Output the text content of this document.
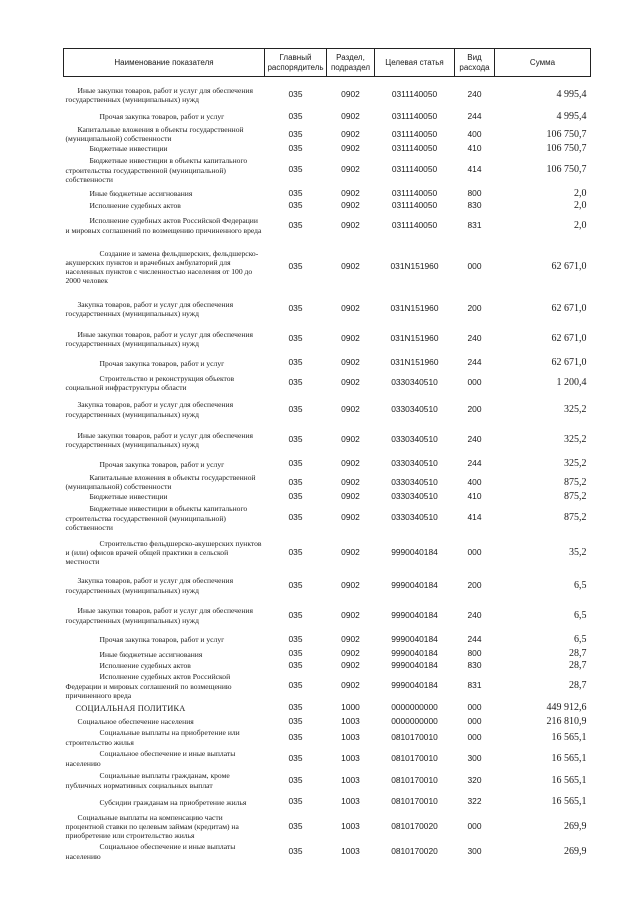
Наименование показателя	Главный распорядитель	Раздел, подраздел	Целевая статья	Вид расхода	Сумма

Иные закупки товаров, работ и услуг для обеспечения государственных (муниципальных) нужд	035	0902	0311140050	240	4 995,4

Прочая закупка товаров, работ и услуг	035	0902	0311140050	244	4 995,4

Капитальные вложения в объекты государственной (муниципальной) собственности	035	0902	0311140050	400	106 750,7

Бюджетные инвестиции	035	0902	0311140050	410	106 750,7

Бюджетные инвестиции в объекты капитального строительства государственной (муниципальной) собственности	035	0902	0311140050	414	106 750,7

Иные бюджетные ассигнования	035	0902	0311140050	800	2,0

Исполнение судебных актов	035	0902	0311140050	830	2,0

Исполнение судебных актов Российской Федерации и мировых соглашений по возмещению причиненного вреда	035	0902	0311140050	831	2,0

Создание и замена фельдшерских, фельдшерско-акушерских пунктов и врачебных амбулаторий для населенных пунктов с численностью населения от 100 до 2000 человек	035	0902	031N151960	000	62 671,0

Закупка товаров, работ и услуг для обеспечения государственных (муниципальных) нужд	035	0902	031N151960	200	62 671,0

Иные закупки товаров, работ и услуг для обеспечения государственных (муниципальных) нужд	035	0902	031N151960	240	62 671,0

Прочая закупка товаров, работ и услуг	035	0902	031N151960	244	62 671,0

Строительство и реконструкция объектов социальной инфраструктуры области	035	0902	0330340510	000	1 200,4

Закупка товаров, работ и услуг для обеспечения государственных (муниципальных) нужд	035	0902	0330340510	200	325,2

Иные закупки товаров, работ и услуг для обеспечения государственных (муниципальных) нужд	035	0902	0330340510	240	325,2

Прочая закупка товаров, работ и услуг	035	0902	0330340510	244	325,2

Капитальные вложения в объекты государственной (муниципальной) собственности	035	0902	0330340510	400	875,2

Бюджетные инвестиции	035	0902	0330340510	410	875,2

Бюджетные инвестиции в объекты капитального строительства государственной (муниципальной) собственности	035	0902	0330340510	414	875,2

Строительство фельдшерско-акушерских пунктов и (или) офисов врачей общей практики в сельской местности	035	0902	9990040184	000	35,2

Закупка товаров, работ и услуг для обеспечения государственных (муниципальных) нужд	035	0902	9990040184	200	6,5

Иные закупки товаров, работ и услуг для обеспечения государственных (муниципальных) нужд	035	0902	9990040184	240	6,5

Прочая закупка товаров, работ и услуг	035	0902	9990040184	244	6,5

Иные бюджетные ассигнования	035	0902	9990040184	800	28,7

Исполнение судебных актов	035	0902	9990040184	830	28,7

Исполнение судебных актов Российской Федерации и мировых соглашений по возмещению причиненного вреда	035	0902	9990040184	831	28,7

СОЦИАЛЬНАЯ ПОЛИТИКА	035	1000	0000000000	000	449 912,6

Социальное обеспечение населения	035	1003	0000000000	000	216 810,9

Социальные выплаты на приобретение или строительство жилья	035	1003	0810170010	000	16 565,1

Социальное обеспечение и иные выплаты населению	035	1003	0810170010	300	16 565,1

Социальные выплаты гражданам, кроме публичных нормативных социальных выплат	035	1003	0810170010	320	16 565,1

Субсидии гражданам на приобретение жилья	035	1003	0810170010	322	16 565,1

Социальные выплаты на компенсацию части процентной ставки по целевым займам (кредитам) на приобретение или строительство жилья	035	1003	0810170020	000	269,9

Социальное обеспечение и иные выплаты населению	035	1003	0810170020	300	269,9
